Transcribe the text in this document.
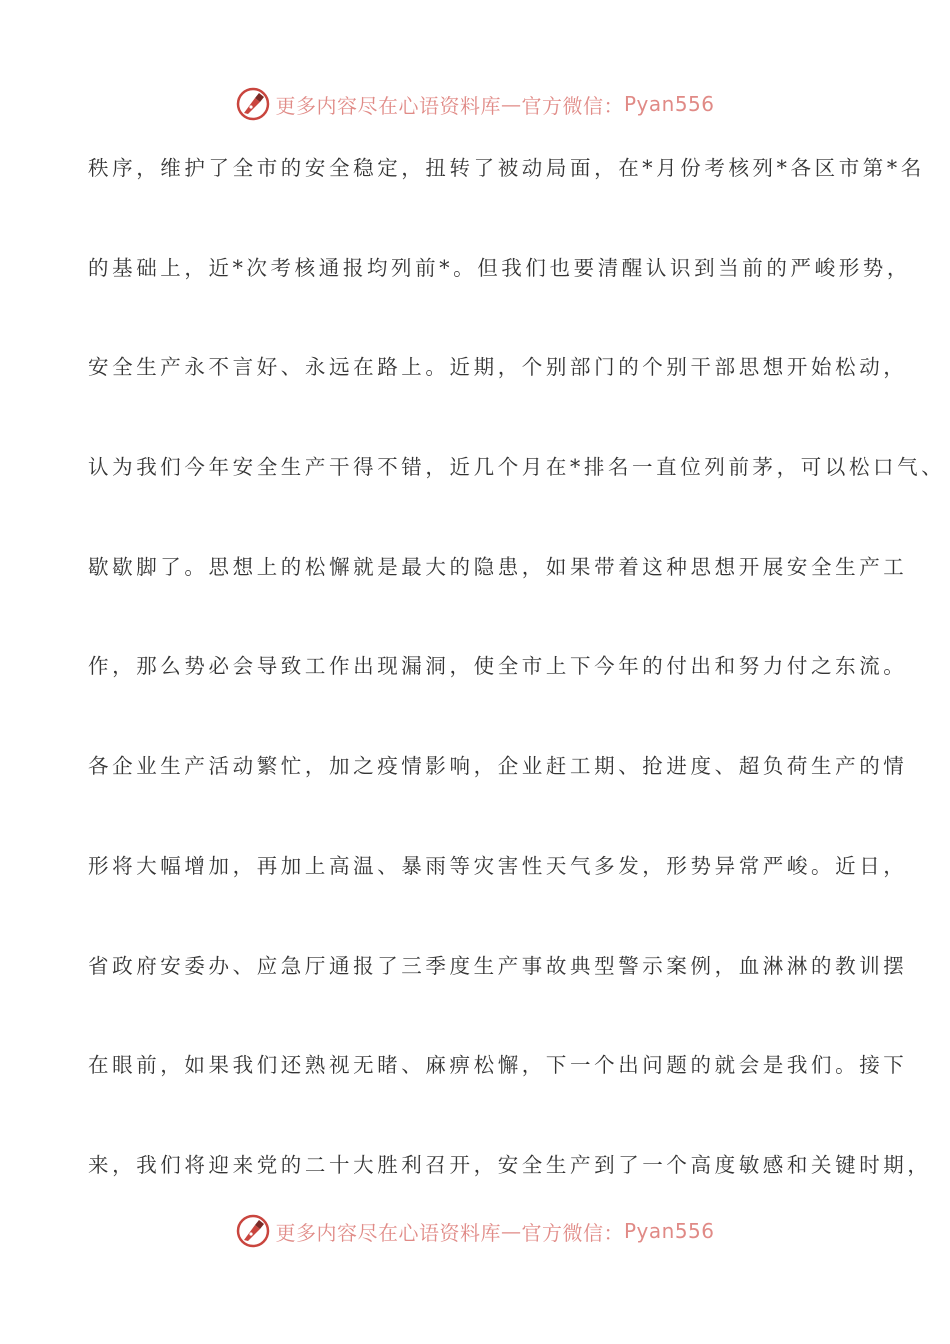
更多内容尽在心语资料库 — 官方微信： Pyan556
秩序，维护了全市的安全稳定，扭转了被动局面，在*月份考核列*各区市第*名
的基础上，近*次考核通报均列前*。但我们也要清醒认识到当前的严峻形势，
安全生产永不言好、永远在路上。近期，个别部门的个别干部思想开始松动，
认为我们今年安全生产干得不错，近几个月在*排名一直位列前茅，可以松口气、
歇歇脚了。思想上的松懈就是最大的隐患，如果带着这种思想开展安全生产工
作，那么势必会导致工作出现漏洞，使全市上下今年的付出和努力付之东流。
各企业生产活动繁忙，加之疫情影响，企业赶工期、抢进度、超负荷生产的情
形将大幅增加，再加上高温、暴雨等灾害性天气多发，形势异常严峻。近日，
省政府安委办、应急厅通报了三季度生产事故典型警示案例，血淋淋的教训摆
在眼前，如果我们还熟视无睹、麻痹松懈，下一个出问题的就会是我们。接下
来，我们将迎来党的二十大胜利召开，安全生产到了一个高度敏感和关键时期，
更多内容尽在心语资料库 — 官方微信： Pyan556
